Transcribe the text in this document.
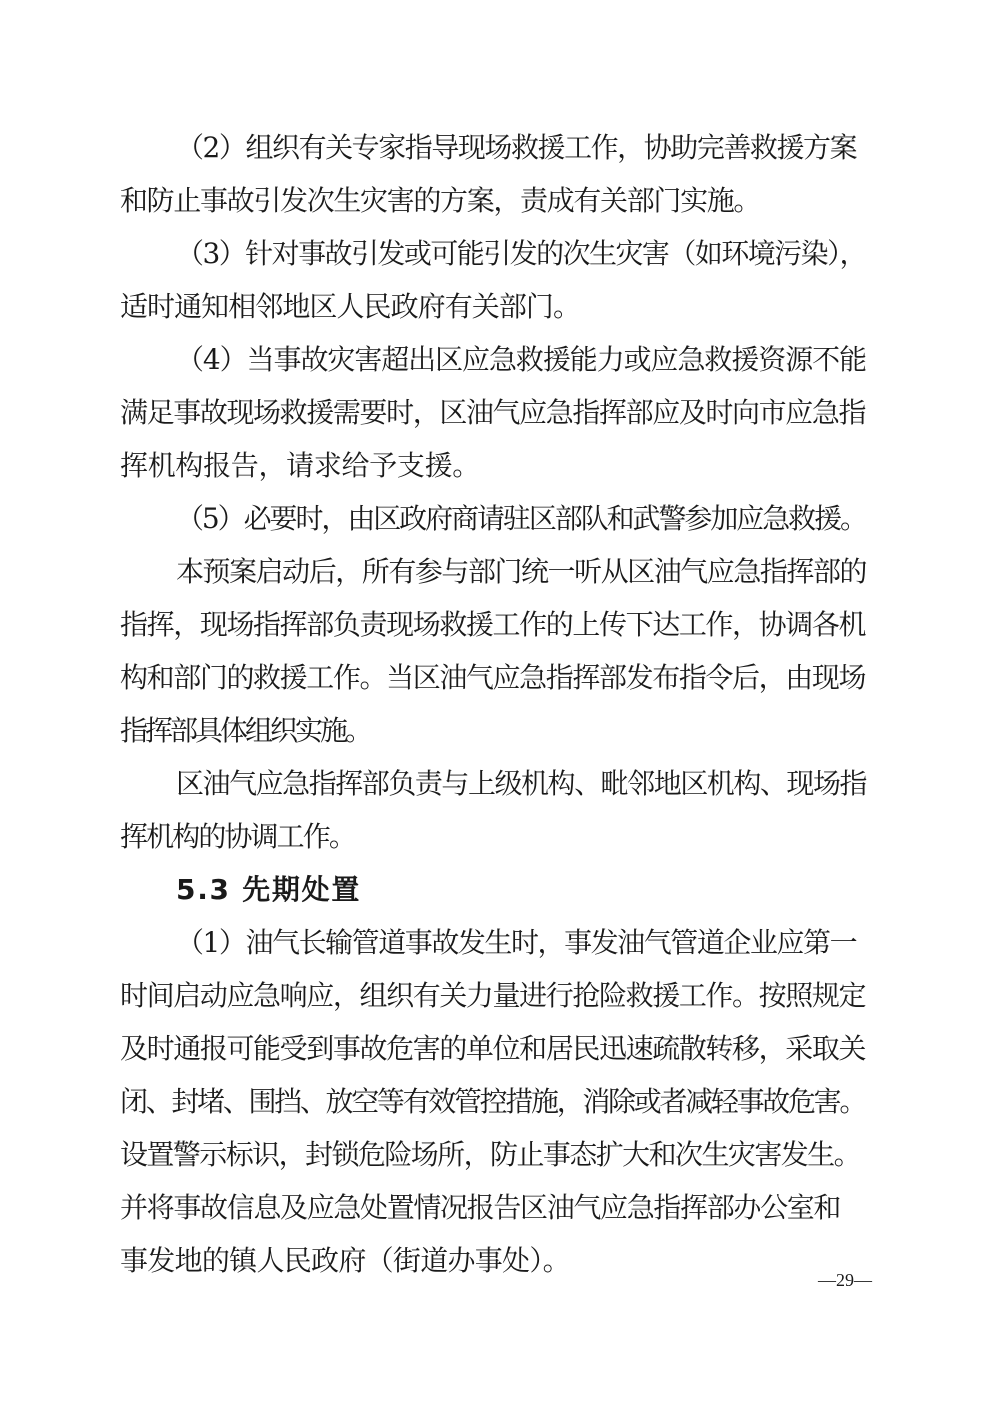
（2）组织有关专家指导现场救援工作，协助完善救援方案
和防止事故引发次生灾害的方案，责成有关部门实施。
（3）针对事故引发或可能引发的次生灾害（如环境污染），
适时通知相邻地区人民政府有关部门。
（4）当事故灾害超出区应急救援能力或应急救援资源不能
满足事故现场救援需要时，区油气应急指挥部应及时向市应急指
挥机构报告，请求给予支援。
（5）必要时，由区政府商请驻区部队和武警参加应急救援。
本预案启动后，所有参与部门统一听从区油气应急指挥部的
指挥，现场指挥部负责现场救援工作的上传下达工作，协调各机
构和部门的救援工作。当区油气应急指挥部发布指令后，由现场
指挥部具体组织实施。
区油气应急指挥部负责与上级机构、毗邻地区机构、现场指
挥机构的协调工作。
5.3 先期处置
（1）油气长输管道事故发生时，事发油气管道企业应第一
时间启动应急响应，组织有关力量进行抢险救援工作。按照规定
及时通报可能受到事故危害的单位和居民迅速疏散转移，采取关
闭、封堵、围挡、放空等有效管控措施，消除或者减轻事故危害。
设置警示标识，封锁危险场所，防止事态扩大和次生灾害发生。
并将事故信息及应急处置情况报告区油气应急指挥部办公室和
事发地的镇人民政府（街道办事处）。
—29—
